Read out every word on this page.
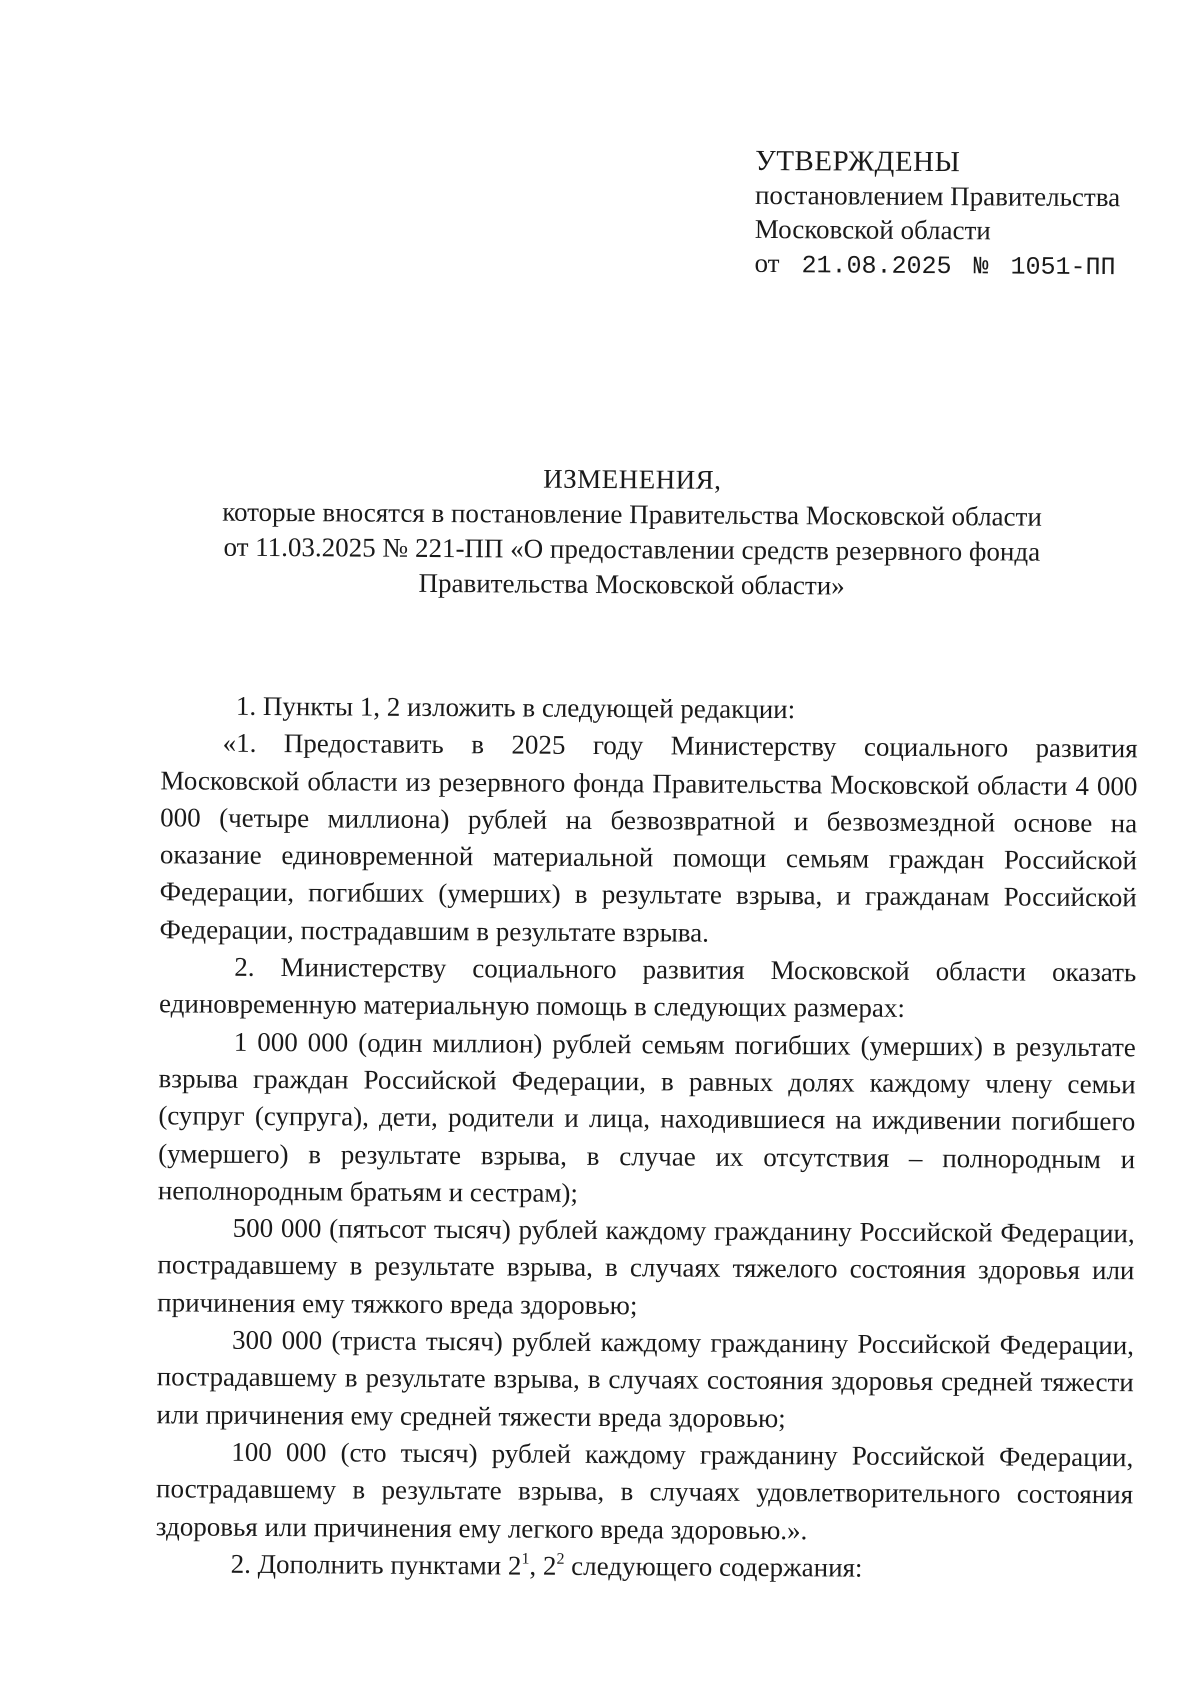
УТВЕРЖДЕНЫ
постановлением Правительства
Московской области
от 21.08.2025 № 1051-ПП
ИЗМЕНЕНИЯ,
которые вносятся в постановление Правительства Московской области
от 11.03.2025 № 221-ПП «О предоставлении средств резервного фонда
Правительства Московской области»

1. Пункты 1, 2 изложить в следующей редакции:

«1. Предоставить в 2025 году Министерству социального развития Московской области из резервного фонда Правительства Московской области 4 000 000 (четыре миллиона) рублей на безвозвратной и безвозмездной основе на оказание единовременной материальной помощи семьям граждан Российской Федерации, погибших (умерших) в результате взрыва, и гражданам Российской Федерации, пострадавшим в результате взрыва.

2. Министерству социального развития Московской области оказать единовременную материальную помощь в следующих размерах:

1 000 000 (один миллион) рублей семьям погибших (умерших) в результате взрыва граждан Российской Федерации, в равных долях каждому члену семьи (супруг (супруга), дети, родители и лица, находившиеся на иждивении погибшего (умершего) в результате взрыва, в случае их отсутствия – полнородным и неполнородным братьям и сестрам);

500 000 (пятьсот тысяч) рублей каждому гражданину Российской Федерации, пострадавшему в результате взрыва, в случаях тяжелого состояния здоровья или причинения ему тяжкого вреда здоровью;

300 000 (триста тысяч) рублей каждому гражданину Российской Федерации, пострадавшему в результате взрыва, в случаях состояния здоровья средней тяжести или причинения ему средней тяжести вреда здоровью;

100 000 (сто тысяч) рублей каждому гражданину Российской Федерации, пострадавшему в результате взрыва, в случаях удовлетворительного состояния здоровья или причинения ему легкого вреда здоровью.».

2. Дополнить пунктами $2^1$, $2^2$ следующего содержания:
